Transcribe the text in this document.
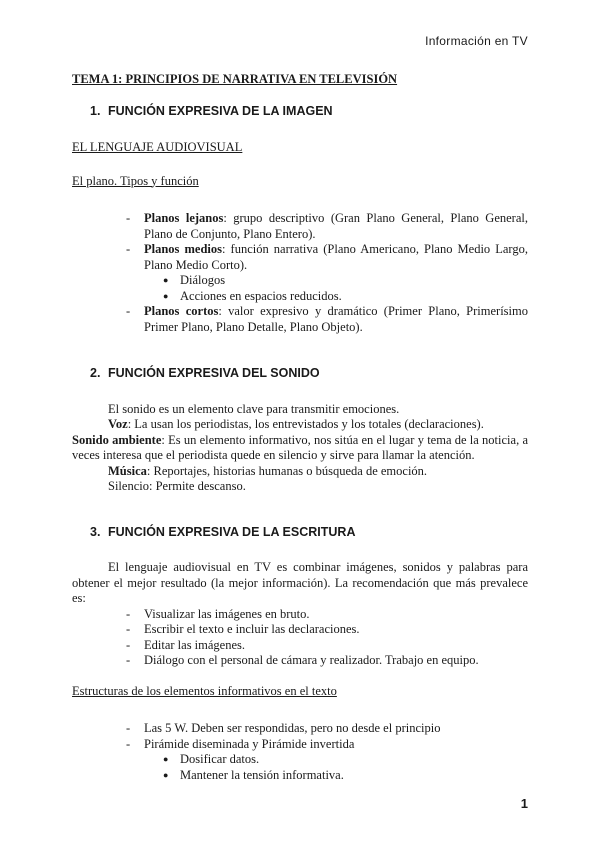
Información en TV
TEMA 1: PRINCIPIOS DE NARRATIVA EN TELEVISIÓN
1. FUNCIÓN EXPRESIVA DE LA IMAGEN
EL LENGUAJE AUDIOVISUAL
El plano. Tipos y función
- Planos lejanos: grupo descriptivo (Gran Plano General, Plano General, Plano de Conjunto, Plano Entero).
- Planos medios: función narrativa (Plano Americano, Plano Medio Largo, Plano Medio Corto).
● Diálogos
● Acciones en espacios reducidos.
- Planos cortos: valor expresivo y dramático (Primer Plano, Primerísimo Primer Plano, Plano Detalle, Plano Objeto).
2. FUNCIÓN EXPRESIVA DEL SONIDO
El sonido es un elemento clave para transmitir emociones.
Voz: La usan los periodistas, los entrevistados y los totales (declaraciones).
Sonido ambiente: Es un elemento informativo, nos sitúa en el lugar y tema de la noticia, a veces interesa que el periodista quede en silencio y sirve para llamar la atención.
Música: Reportajes, historias humanas o búsqueda de emoción.
Silencio: Permite descanso.
3. FUNCIÓN EXPRESIVA DE LA ESCRITURA
El lenguaje audiovisual en TV es combinar imágenes, sonidos y palabras para obtener el mejor resultado (la mejor información). La recomendación que más prevalece es:
- Visualizar las imágenes en bruto.
- Escribir el texto e incluir las declaraciones.
- Editar las imágenes.
- Diálogo con el personal de cámara y realizador. Trabajo en equipo.
Estructuras de los elementos informativos en el texto
- Las 5 W. Deben ser respondidas, pero no desde el principio
- Pirámide diseminada y Pirámide invertida
● Dosificar datos.
● Mantener la tensión informativa.
1
